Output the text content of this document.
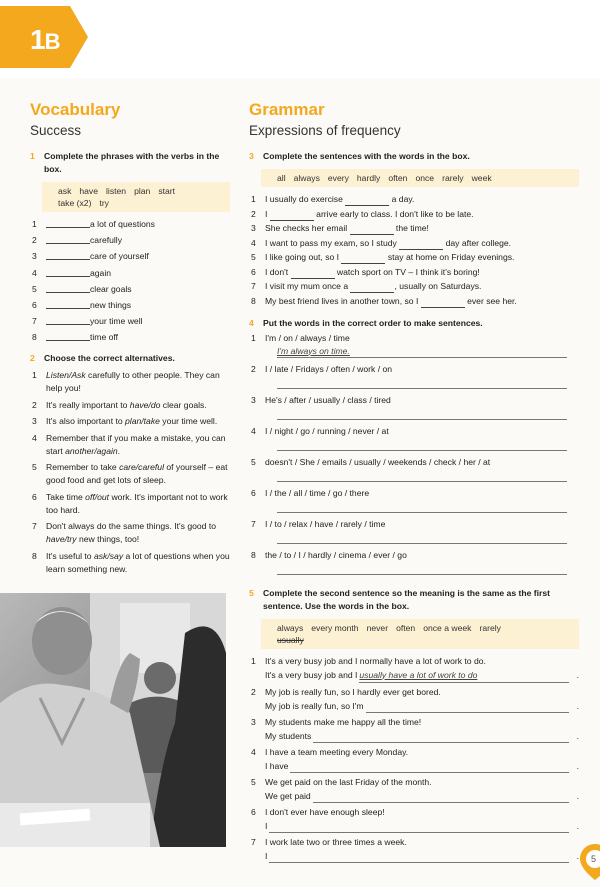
1B
Vocabulary
Success
1	Complete the phrases with the verbs in the box.
ask have listen plan starttake (x2) try
1	a lot of questions
2	carefully
3	care of yourself
4	again
5	clear goals
6	new things
7	your time well
8	time off
2	Choose the correct alternatives.
1	Listen/Ask carefully to other people. They can help you!
2	It's really important to have/do clear goals.
3	It's also important to plan/take your time well.
4	Remember that if you make a mistake, you can start another/again.
5	Remember to take care/careful of yourself – eat good food and get lots of sleep.
6	Take time off/out work. It's important not to work too hard.
7	Don't always do the same things. It's good to have/try new things, too!
8	It's useful to ask/say a lot of questions when you learn something new.
Grammar
Expressions of frequency
3	Complete the sentences with the words in the box.
all always every hardly often once rarely week
1	I usually do exercise	a day.
2	I	arrive early to class. I don't like to be late.
3	She checks her email	the time!
4	I want to pass my exam, so I study	day after college.
5	I like going out, so I	stay at home on Friday evenings.
6	I don't	watch sport on TV – I think it's boring!
7	I visit my mum once a	, usually on Saturdays.
8	My best friend lives in another town, so I	ever see her.
4	Put the words in the correct order to make sentences.
1	I'm / on / always / time
I'm always on time.
2	I / late / Fridays / often / work / on
3	He's / after / usually / class / tired
4	I / night / go / running / never / at
5	doesn't / She / emails / usually / weekends / check / her / at
6	I / the / all / time / go / there
7	I / to / relax / have / rarely / time
8	the / to / I / hardly / cinema / ever / go
5	Complete the second sentence so the meaning is the same as the first sentence. Use the words in the box.
always every month never often once a week rarely
usually
1	It's a very busy job and I normally have a lot of work to do.
It's a very busy job and I usually have a lot of work to do	.
2	My job is really fun, so I hardly ever get bored.
My job is really fun, so I'm	.
3	My students make me happy all the time!
My students	.
4	I have a team meeting every Monday.
I have	.
5	We get paid on the last Friday of the month.
We get paid	.
6	I don't ever have enough sleep!
I	.
7	I work late two or three times a week.
I	. 5
